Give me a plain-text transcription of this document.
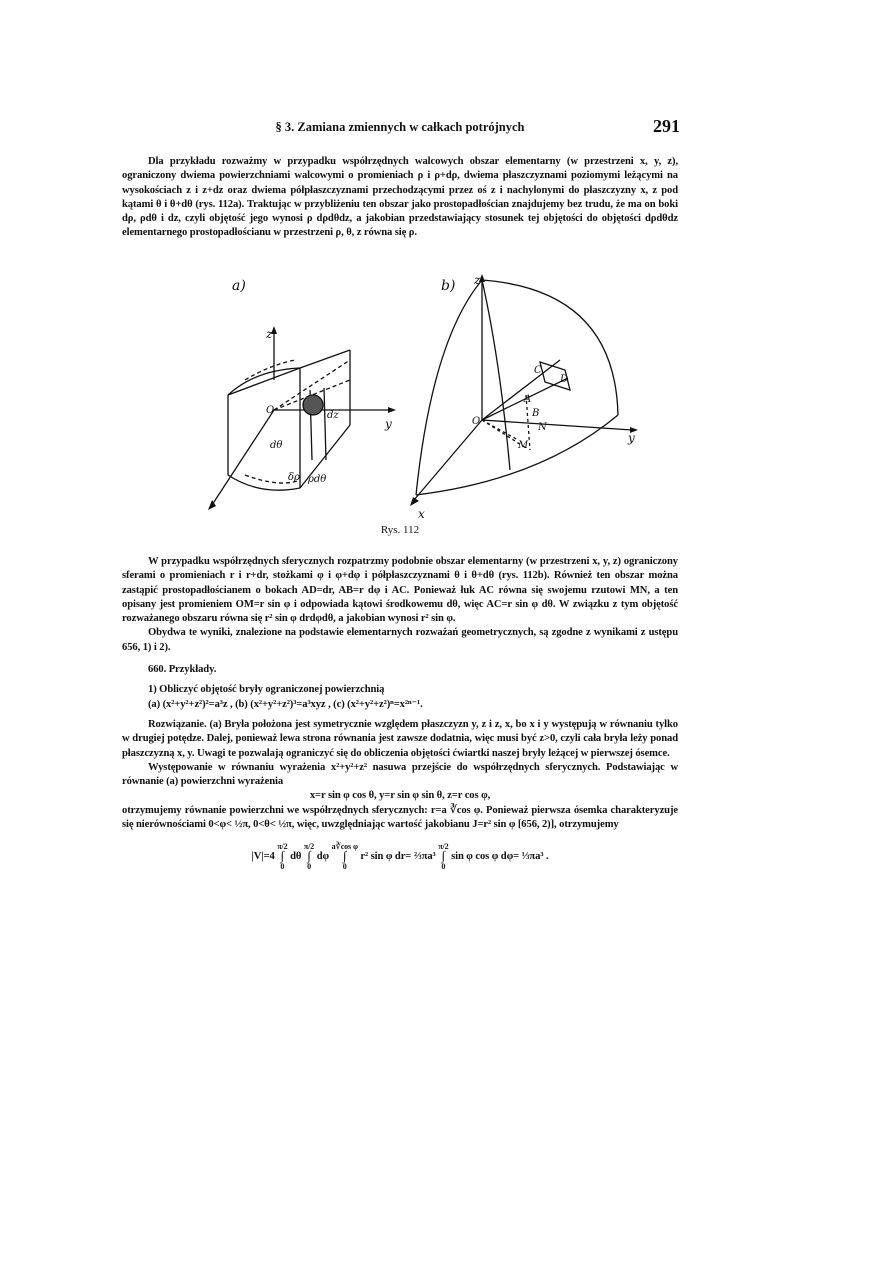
§ 3. Zamiana zmiennych w całkach potrójnych	291

Dla przykładu rozważmy w przypadku współrzędnych walcowych obszar elementarny (w przestrzeni x, y, z), ograniczony dwiema powierzchniami walcowymi o promieniach ρ i ρ+dρ, dwiema płaszczyznami poziomymi leżącymi na wysokościach z i z+dz oraz dwiema półpłaszczyznami przechodzącymi przez oś z i nachylonymi do płaszczyzny x, z pod kątami θ i θ+dθ (rys. 112a). Traktując w przybliżeniu ten obszar jako prostopadłościan znajdujemy bez trudu, że ma on boki dρ, ρdθ i dz, czyli objętość jego wynosi ρ dρdθdz, a jakobian przedstawiający stosunek tej objętości do objętości dρdθdz elementarnego prostopadłościanu w przestrzeni ρ, θ, z równa się ρ.

a)	b)
z
y
O	dz
dθ
δρ ρdθ
z
y
x
O
A
B
C
D
N
M
Rys. 112

W przypadku współrzędnych sferycznych rozpatrzmy podobnie obszar elementarny (w przestrzeni x, y, z) ograniczony sferami o promieniach r i r+dr, stożkami φ i φ+dφ i półpłaszczyznami θ i θ+dθ (rys. 112b). Również ten obszar można zastąpić prostopadłościanem o bokach AD=dr, AB=r dφ i AC. Ponieważ łuk AC równa się swojemu rzutowi MN, a ten opisany jest promieniem OM=r sin φ i odpowiada kątowi środkowemu dθ, więc AC=r sin φ dθ. W związku z tym objętość rozważanego obszaru równa się r² sin φ drdφdθ, a jakobian wynosi r² sin φ.

Obydwa te wyniki, znalezione na podstawie elementarnych rozważań geometrycznych, są zgodne z wynikami z ustępu 656, 1) i 2).

660. Przykłady.

1) Obliczyć objętość bryły ograniczonej powierzchnią

(a) (x²+y²+z²)²=a³z , (b) (x²+y²+z²)³=a³xyz , (c) (x²+y²+z²)ⁿ=x²ⁿ⁻¹.

Rozwiązanie. (a) Bryła położona jest symetrycznie względem płaszczyzn y, z i z, x, bo x i y występują w równaniu tylko w drugiej potędze. Dalej, ponieważ lewa strona równania jest zawsze dodatnia, więc musi być z>0, czyli cała bryła leży ponad płaszczyzną x, y. Uwagi te pozwalają ograniczyć się do obliczenia objętości ćwiartki naszej bryły leżącej w pierwszej ósemce.

Występowanie w równaniu wyrażenia x²+y²+z² nasuwa przejście do współrzędnych sferycznych. Podstawiając w równanie (a) powierzchni wyrażenia

x=r sin φ cos θ, y=r sin φ sin θ, z=r cos φ,

otrzymujemy równanie powierzchni we współrzędnych sferycznych: r=a ∛cos φ. Ponieważ pierwsza ósemka charakteryzuje się nierównościami 0<φ< ½π, 0<θ< ½π, więc, uwzględniając wartość jakobianu J=r² sin φ [656, 2)], otrzymujemy

|V|=4 π/2
∫
0 dθ π/2
∫
0 dφ a∛cos φ
∫
0 r² sin φ dr= ⅔πa³ π/2
∫
0 sin φ cos φ dφ= ⅓πa³ .
